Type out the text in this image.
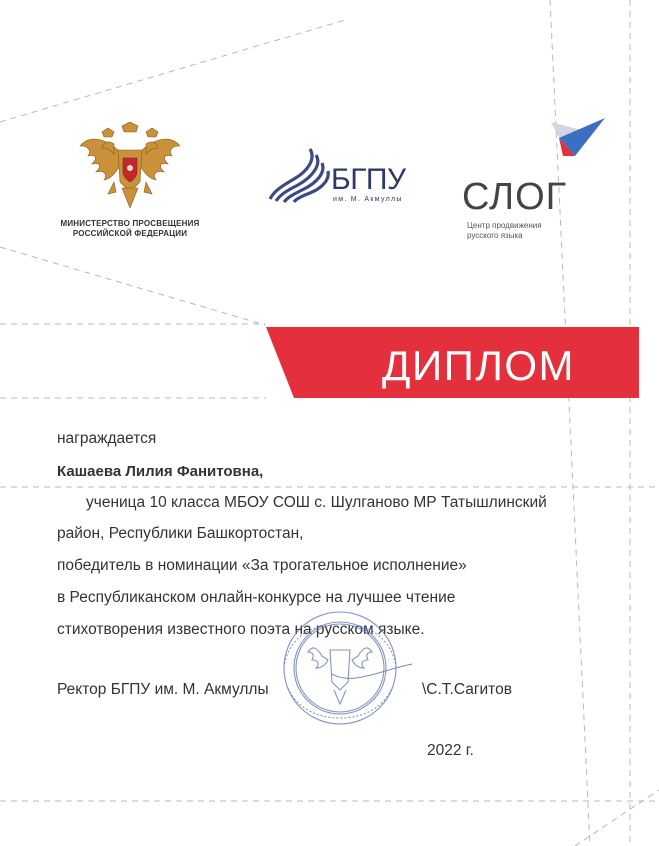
МИНИСТЕРСТВО ПРОСВЕЩЕНИЯ
РОССИЙСКОЙ ФЕДЕРАЦИИ
БГПУ
им. М. Акмуллы СЛОГ
Центр продвижения
русского языка
ДИПЛОМ
награждается
Кашаева Лилия Фанитовна,
ученица 10 класса МБОУ СОШ с. Шулганово МР Татышлинский
район, Республики Башкортостан,
победитель в номинации «За трогательное исполнение»
в Республиканском онлайн-конкурсе на лучшее чтение
стихотворения известного поэта на русском языке.
Ректор БГПУ им. М. Акмуллы	\С.Т.Сагитов
2022 г.
